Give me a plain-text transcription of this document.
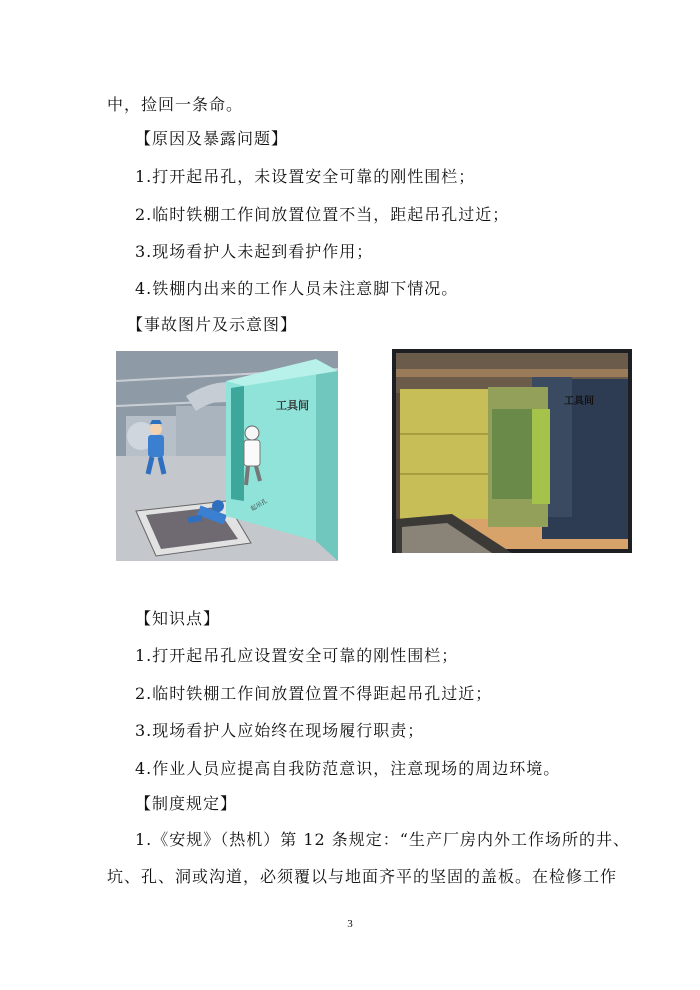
中，捡回一条命。
【原因及暴露问题】
1.打开起吊孔，未设置安全可靠的刚性围栏；
2.临时铁棚工作间放置位置不当，距起吊孔过近；
3.现场看护人未起到看护作用；
4.铁棚内出来的工作人员未注意脚下情况。
【事故图片及示意图】
工具间
起吊孔
工具间
【知识点】
1.打开起吊孔应设置安全可靠的刚性围栏；
2.临时铁棚工作间放置位置不得距起吊孔过近；
3.现场看护人应始终在现场履行职责；
4.作业人员应提高自我防范意识，注意现场的周边环境。
【制度规定】
1.《安规》（热机）第 12 条规定：“生产厂房内外工作场所的井、
坑、孔、洞或沟道，必须覆以与地面齐平的坚固的盖板。在检修工作
3
